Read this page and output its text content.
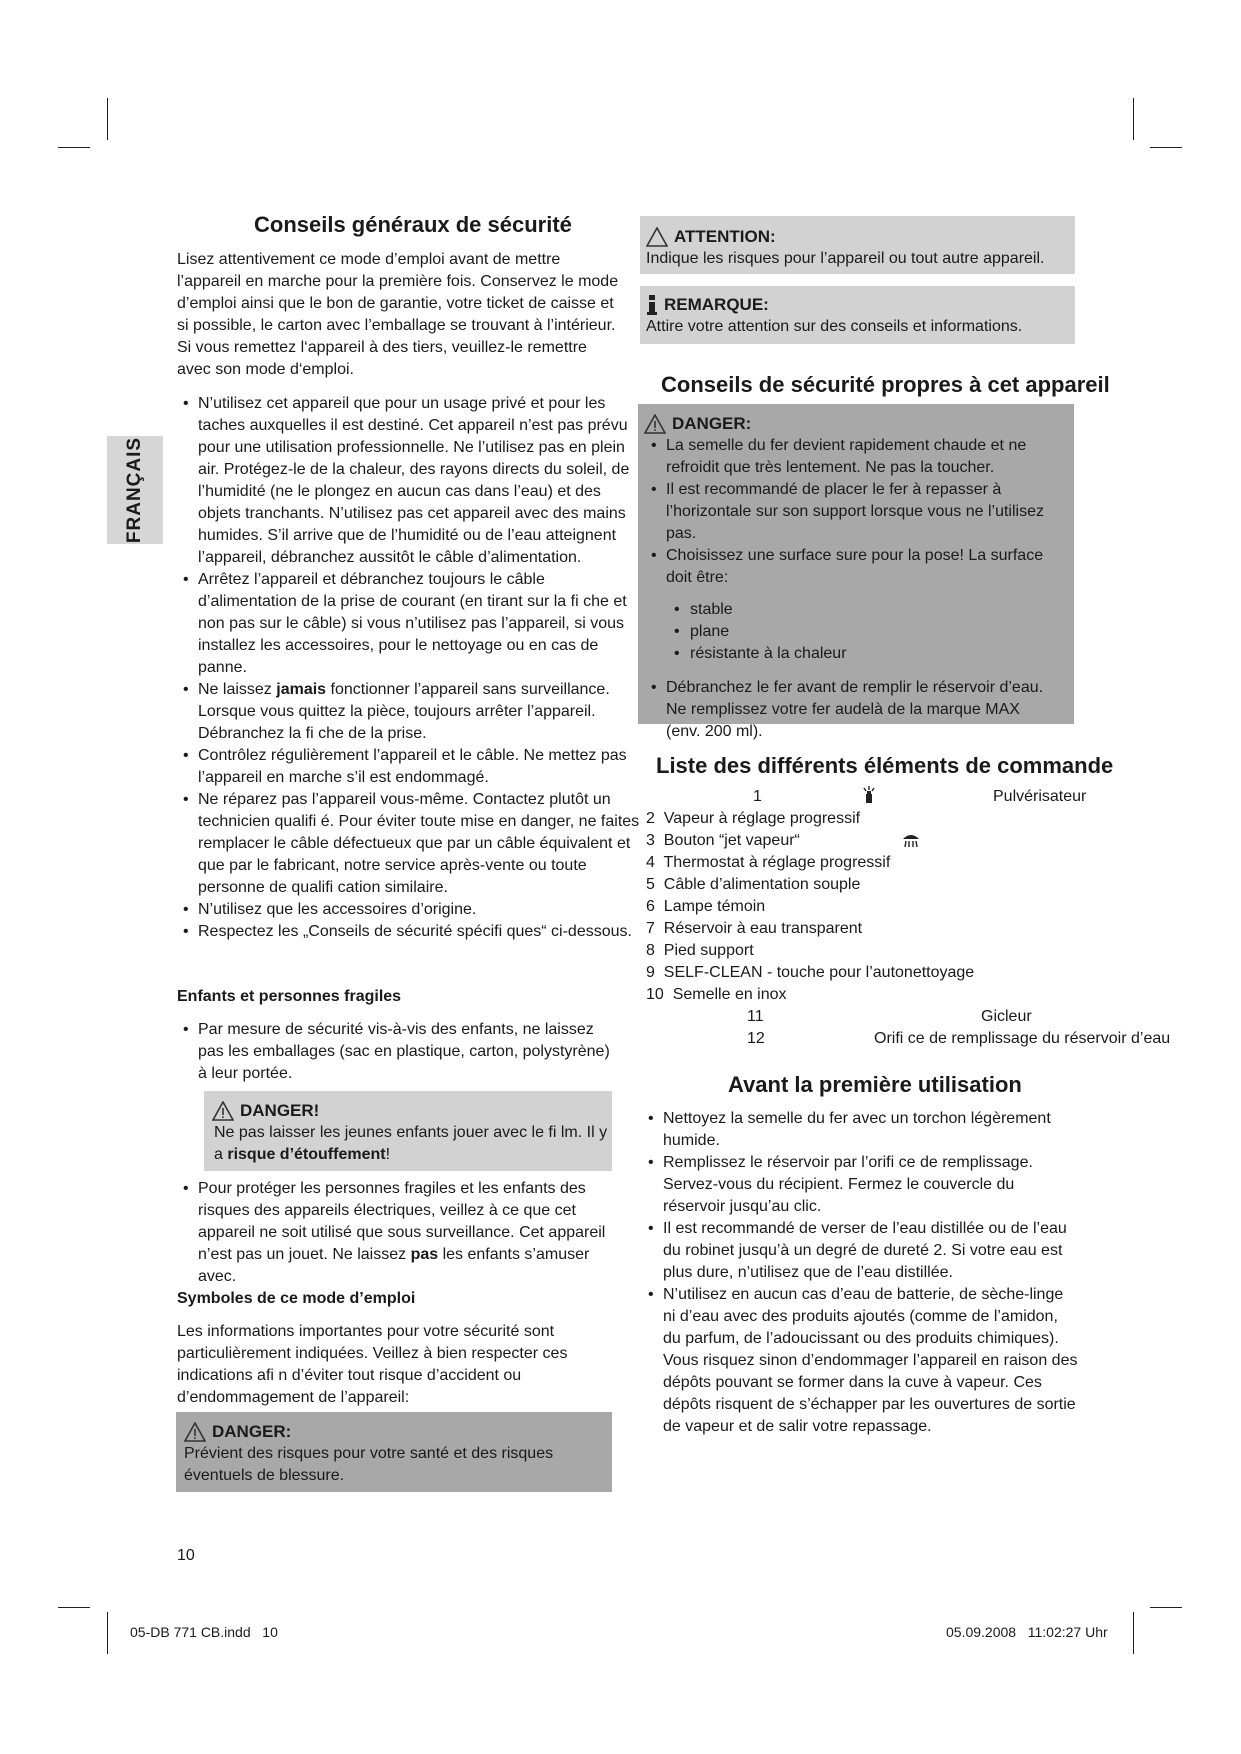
FRANÇAIS
Conseils généraux de sécurité

Lisez attentivement ce mode d’emploi avant de mettre l’appareil en marche pour la première fois. Conservez le mode d’emploi ainsi que le bon de garantie, votre ticket de caisse et si possible, le carton avec l’emballage se trouvant à l’intérieur. Si vous remettez l‘appareil à des tiers, veuillez-le remettre avec son mode d‘emploi.

• N’utilisez cet appareil que pour un usage privé et pour les taches auxquelles il est destiné. Cet appareil n’est pas prévu pour une utilisation professionnelle. Ne l’utilisez pas en plein air. Protégez-le de la chaleur, des rayons directs du soleil, de l’humidité (ne le plongez en aucun cas dans l’eau) et des objets tranchants. N’utilisez pas cet appareil avec des mains humides. S’il arrive que de l’humidité ou de l’eau atteignent l’appareil, débranchez aussitôt le câble d’alimentation.
• Arrêtez l’appareil et débranchez toujours le câble d’alimentation de la prise de courant (en tirant sur la fi che et non pas sur le câble) si vous n’utilisez pas l’appareil, si vous installez les accessoires, pour le nettoyage ou en cas de panne.
• Ne laissez jamais fonctionner l’appareil sans surveillance. Lorsque vous quittez la pièce, toujours arrêter l’appareil. Débranchez la fi che de la prise.
• Contrôlez régulièrement l’appareil et le câble. Ne mettez pas l’appareil en marche s’il est endommagé.
• Ne réparez pas l’appareil vous-même. Contactez plutôt un technicien qualifi é. Pour éviter toute mise en danger, ne faites remplacer le câble défectueux que par un câble équivalent et que par le fabricant, notre service après-vente ou toute personne de qualifi cation similaire.
• N’utilisez que les accessoires d’origine.
• Respectez les „Conseils de sécurité spécifi ques“ ci-dessous.
Enfants et personnes fragiles
• Par mesure de sécurité vis-à-vis des enfants, ne laissez pas les emballages (sac en plastique, carton, polystyrène) à leur portée.
DANGER!

Ne pas laisser les jeunes enfants jouer avec le fi lm. Il y a risque d’étouffement!

• Pour protéger les personnes fragiles et les enfants des risques des appareils électriques, veillez à ce que cet appareil ne soit utilisé que sous surveillance. Cet appareil n’est pas un jouet. Ne laissez pas les enfants s’amuser avec.
Symboles de ce mode d’emploi

Les informations importantes pour votre sécurité sont particulièrement indiquées. Veillez à bien respecter ces indications afi n d’éviter tout risque d’accident ou d’endommagement de l’appareil:

DANGER:

Prévient des risques pour votre santé et des risques éventuels de blessure.

10
ATTENTION:

Indique les risques pour l’appareil ou tout autre appareil.

REMARQUE:

Attire votre attention sur des conseils et informations.

Conseils de sécurité propres à cet appareil
DANGER:
• La semelle du fer devient rapidement chaude et ne refroidit que très lentement. Ne pas la toucher.
• Il est recommandé de placer le fer à repasser à l’horizontale sur son support lorsque vous ne l’utilisez pas.
• Choisissez une surface sure pour la pose! La surface doit être:
• stable
• plane
• résistante à la chaleur
• Débranchez le fer avant de remplir le réservoir d’eau. Ne remplissez votre fer audelà de la marque MAX (env. 200 ml).
Liste des différents éléments de commande
1	Pulvérisateur
2 Vapeur à réglage progressif
3 Bouton “jet vapeur“
4 Thermostat à réglage progressif
5 Câble d’alimentation souple
6 Lampe témoin
7 Réservoir à eau transparent
8 Pied support
9 SELF-CLEAN - touche pour l’autonettoyage
10 Semelle en inox
11	Gicleur
12	Orifi ce de remplissage du réservoir d’eau
Avant la première utilisation
• Nettoyez la semelle du fer avec un torchon légèrement humide.
• Remplissez le réservoir par l’orifi ce de remplissage. Servez-vous du récipient. Fermez le couvercle du réservoir jusqu’au clic.
• Il est recommandé de verser de l’eau distillée ou de l’eau du robinet jusqu’à un degré de dureté 2. Si votre eau est plus dure, n’utilisez que de l’eau distillée.
• N’utilisez en aucun cas d’eau de batterie, de sèche-linge ni d’eau avec des produits ajoutés (comme de l’amidon, du parfum, de l’adoucissant ou des produits chimiques). Vous risquez sinon d’endommager l’appareil en raison des dépôts pouvant se former dans la cuve à vapeur. Ces dépôts risquent de s’échapper par les ouvertures de sortie de vapeur et de salir votre repassage.
05-DB 771 CB.indd   10	05.09.2008   11:02:27 Uhr
